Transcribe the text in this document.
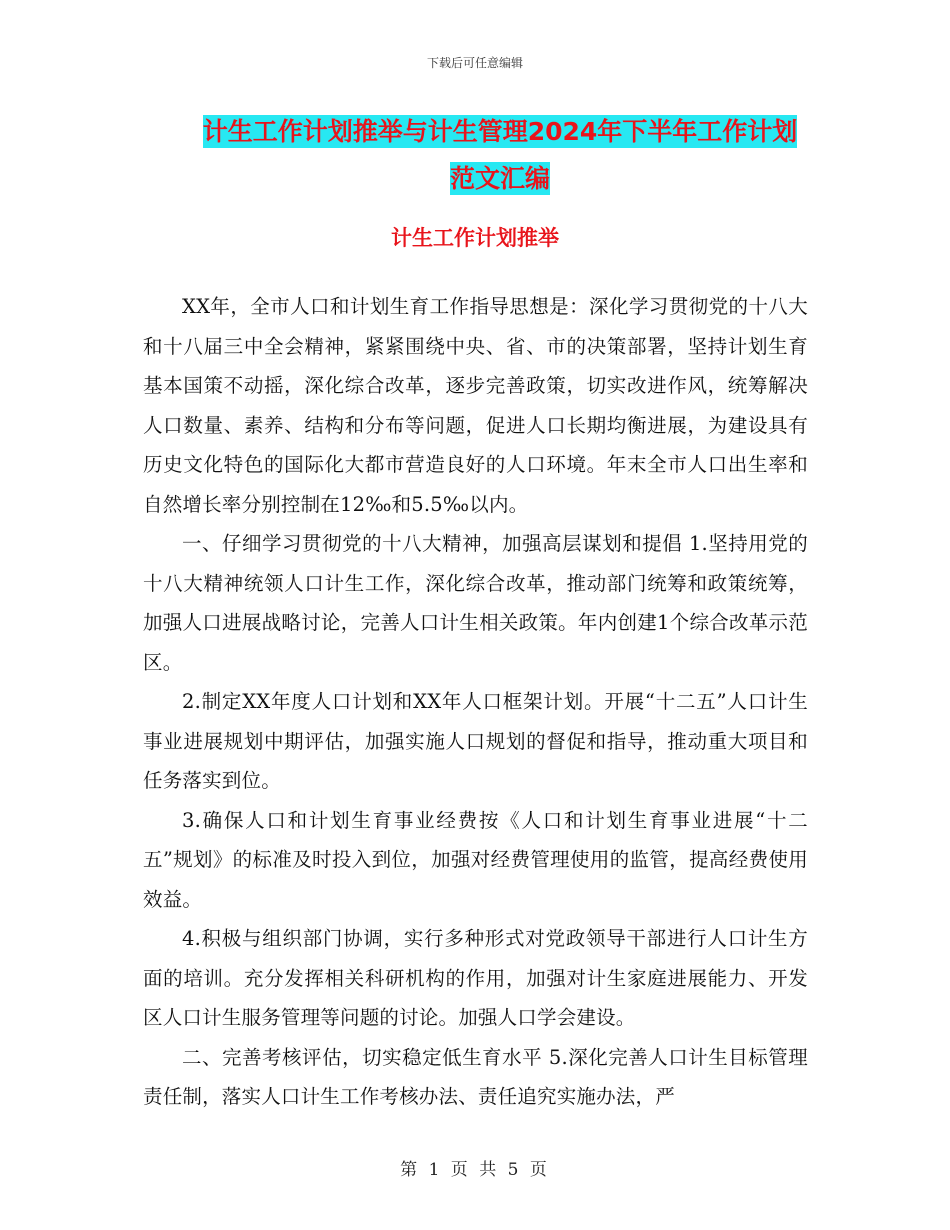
下载后可任意编辑
计生工作计划推举与计生管理2024年下半年工作计划
范文汇编
计生工作计划推举

XX年，全市人口和计划生育工作指导思想是：深化学习贯彻党的十八大和十八届三中全会精神，紧紧围绕中央、省、市的决策部署，坚持计划生育基本国策不动摇，深化综合改革，逐步完善政策，切实改进作风，统筹解决人口数量、素养、结构和分布等问题，促进人口长期均衡进展，为建设具有历史文化特色的国际化大都市营造良好的人口环境。年末全市人口出生率和自然增长率分别控制在12‰和5.5‰以内。

一、仔细学习贯彻党的十八大精神，加强高层谋划和提倡 1.坚持用党的十八大精神统领人口计生工作，深化综合改革，推动部门统筹和政策统筹，加强人口进展战略讨论，完善人口计生相关政策。年内创建1个综合改革示范区。

2.制定XX年度人口计划和XX年人口框架计划。开展“十二五”人口计生事业进展规划中期评估，加强实施人口规划的督促和指导，推动重大项目和任务落实到位。

3.确保人口和计划生育事业经费按《人口和计划生育事业进展“十二五”规划》的标准及时投入到位，加强对经费管理使用的监管，提高经费使用效益。

4.积极与组织部门协调，实行多种形式对党政领导干部进行人口计生方面的培训。充分发挥相关科研机构的作用，加强对计生家庭进展能力、开发区人口计生服务管理等问题的讨论。加强人口学会建设。

二、完善考核评估，切实稳定低生育水平 5.深化完善人口计生目标管理责任制，落实人口计生工作考核办法、责任追究实施办法，严

第 1 页 共 5 页
